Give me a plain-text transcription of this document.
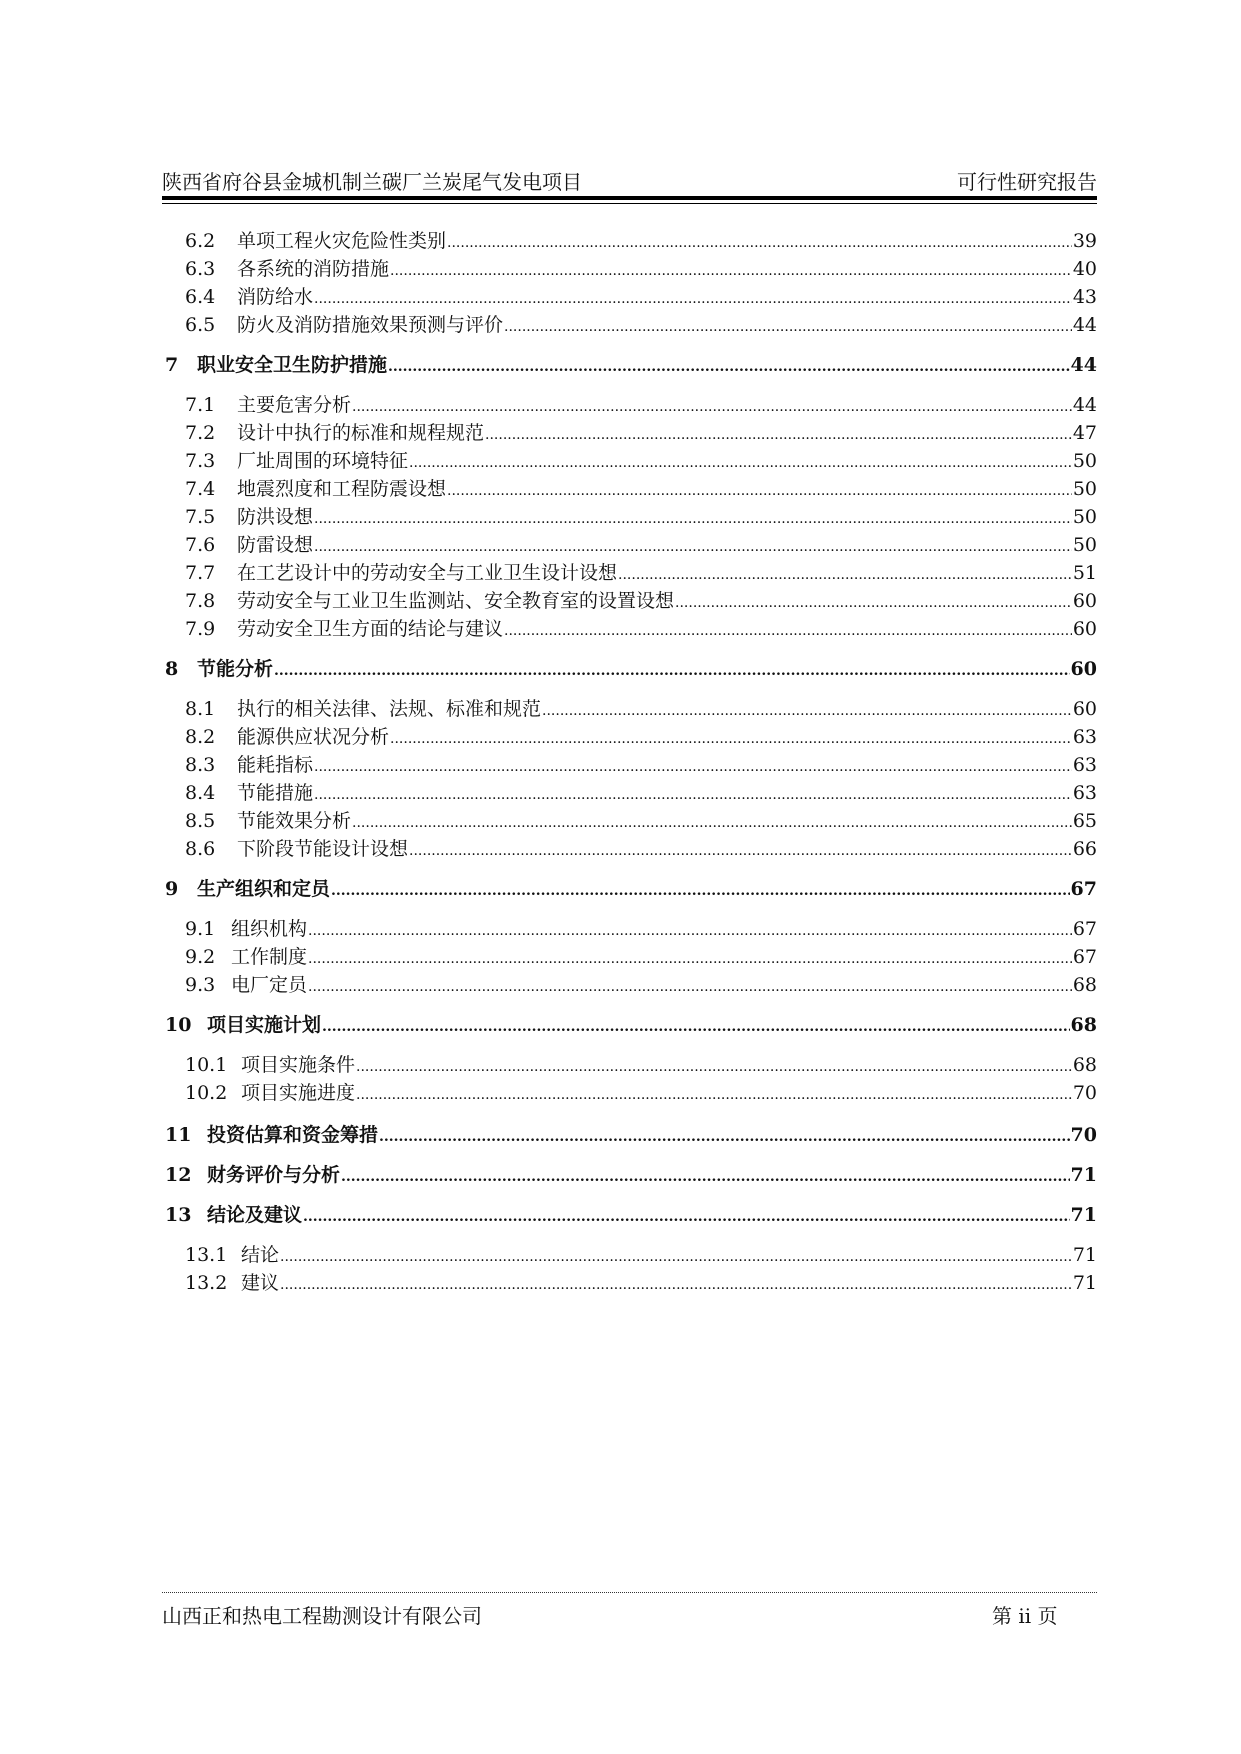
陕西省府谷县金城机制兰碳厂兰炭尾气发电项目	可行性研究报告
6.2	单项工程火灾危险性类别 .....	39
6.3	各系统的消防措施 .....	40
6.4	消防给水 .....	43
6.5	防火及消防措施效果预测与评价 .....	44
7 职业安全卫生防护措施 .....	44
7.1	主要危害分析 .....	44
7.2	设计中执行的标准和规程规范 .....	47
7.3	厂址周围的环境特征 .....	50
7.4	地震烈度和工程防震设想 .....	50
7.5	防洪设想 .....	50
7.6	防雷设想 .....	50
7.7	在工艺设计中的劳动安全与工业卫生设计设想 .....	51
7.8	劳动安全与工业卫生监测站、安全教育室的设置设想 .....	60
7.9	劳动安全卫生方面的结论与建议 .....	60
8 节能分析 .....	60
8.1	执行的相关法律、法规、标准和规范 .....	60
8.2	能源供应状况分析 .....	63
8.3	能耗指标 .....	63
8.4	节能措施 .....	63
8.5	节能效果分析 .....	65
8.6	下阶段节能设计设想 .....	66
9 生产组织和定员 .....	67
9.1 组织机构 .....	67
9.2 工作制度 .....	67
9.3 电厂定员 .....	68
10 项目实施计划 .....	68
10.1 项目实施条件 .....	68
10.2 项目实施进度 .....	70
11 投资估算和资金筹措 .....	70
12 财务评价与分析 .....	71
13 结论及建议 .....	71
13.1 结论 .....	71
13.2 建议 .....	71
山西正和热电工程勘测设计有限公司	第 ii 页
